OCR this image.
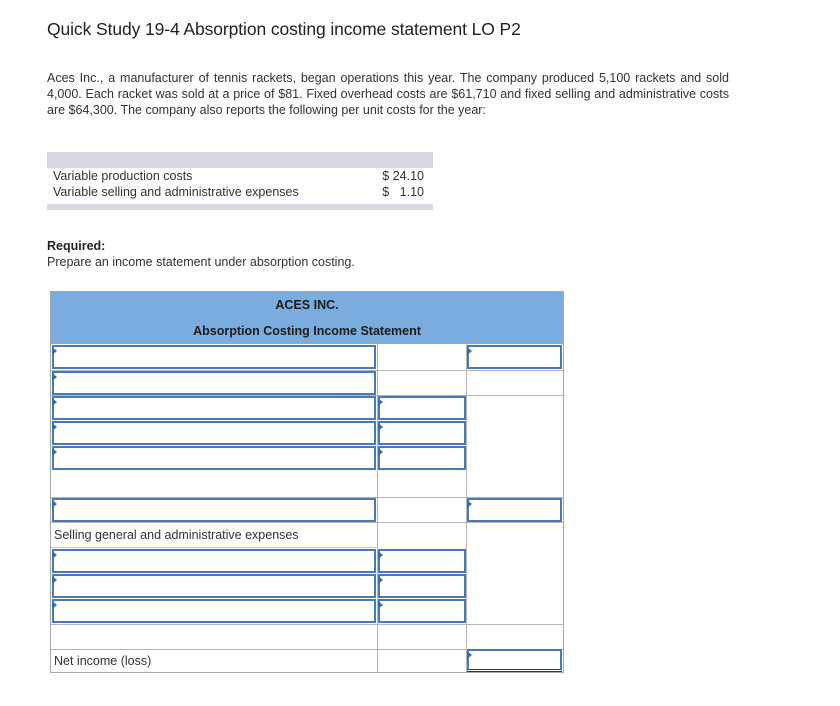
Quick Study 19-4 Absorption costing income statement LO P2

Aces Inc., a manufacturer of tennis rackets, began operations this year. The company produced 5,100 rackets and sold 4,000. Each racket was sold at a price of $81. Fixed overhead costs are $61,710 and fixed selling and administrative costs are $64,300. The company also reports the following per unit costs for the year:

Variable production costs	$ 24.10
Variable selling and administrative expenses	$   1.10
Required:
Prepare an income statement under absorption costing.
ACES INC.
Absorption Costing Income Statement
Selling general and administrative expenses
Net income (loss)
